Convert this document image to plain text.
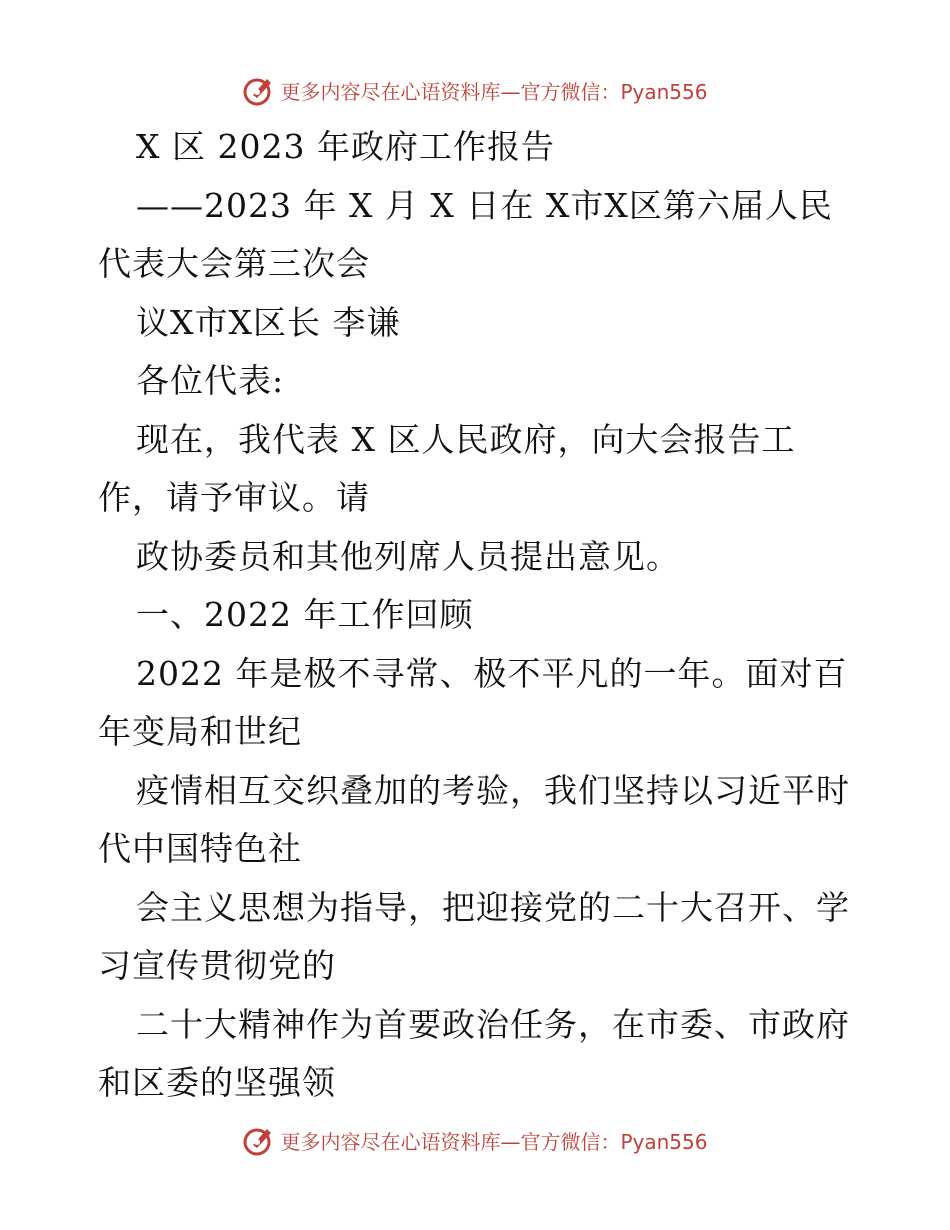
更多内容尽在心语资料库—官方微信：Pyan556
X 区 2023 年政府工作报告
——2023 年 X 月 X 日在 X市X区第六届人民
代表大会第三次会
议X市X区长 李谦
各位代表:
现在，我代表 X 区人民政府，向大会报告工
作，请予审议。请
政协委员和其他列席人员提出意见。
一、2022 年工作回顾
2022 年是极不寻常、极不平凡的一年。面对百
年变局和世纪
疫情相互交织叠加的考验，我们坚持以习近平时
代中国特色社
会主义思想为指导，把迎接党的二十大召开、学
习宣传贯彻党的
二十大精神作为首要政治任务，在市委、市政府
和区委的坚强领
更多内容尽在心语资料库—官方微信：Pyan556
